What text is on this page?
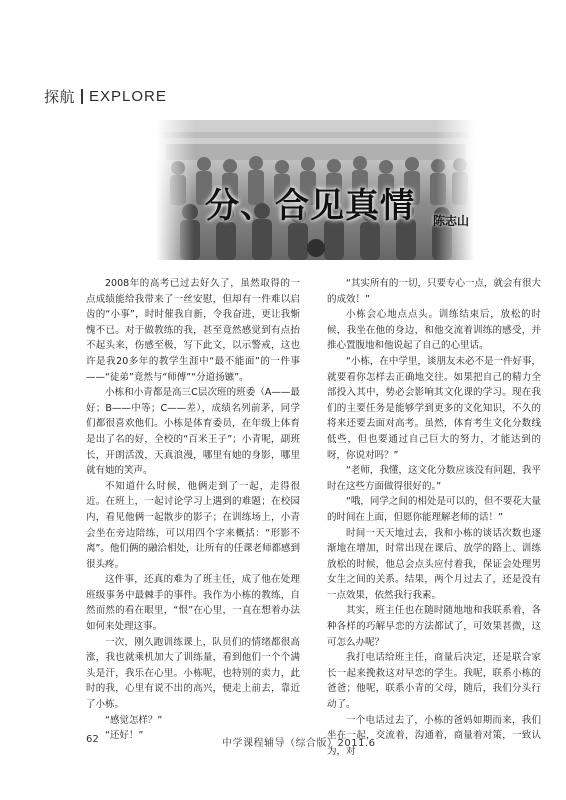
探航 EXPLORE
分、合见真情 陈志山

2008年的高考已过去好久了，虽然取得的一点成绩能给我带来了一丝安慰，但却有一件难以启齿的“小事”，时时催我自新，令我奋进，更让我惭愧不已。对于做教练的我，甚至竟然感觉到有点抬不起头来，伤感至极，写下此文，以示警戒，这也许是我20多年的教学生涯中“最不能面”的一件事——“徒弟”竟然与“师傅”“分道扬镳”。

小栋和小青都是高三C层次班的班委（A——最好；B——中等；C——差），成绩名列前茅，同学们都很喜欢他们。小栋是体育委员，在年级上体育是出了名的好，全校的“百米王子”；小青呢，副班长，开朗活泼，天真浪漫，哪里有她的身影，哪里就有她的笑声。

不知道什么时候，他俩走到了一起，走得很近。在班上，一起讨论学习上遇到的难题；在校园内，看见他俩一起散步的影子；在训练场上，小青会坐在旁边陪练，可以用四个字来概括：“形影不离”。他们俩的融洽相处，让所有的任课老师都感到很头疼。

这件事，还真的难为了班主任，成了他在处理班级事务中最棘手的事件。我作为小栋的教练，自然而然的看在眼里，“恨”在心里，一直在想着办法如何来处理这事。

一次，刚久跑训练课上，队员们的情绪都很高涨，我也就乘机加大了训练量，看到他们一个个满头是汗，我乐在心里。小栋呢，也特别的卖力，此时的我，心里有说不出的高兴，便走上前去，靠近了小栋。

“感觉怎样？”

“还好！”

“其实所有的一切，只要专心一点，就会有很大的成效！”

小栋会心地点点头。训练结束后，放松的时候，我坐在他的身边，和他交流着训练的感受，并推心置腹地和他说起了自己的心里话。

“小栋，在中学里，谈朋友未必不是一件好事，就要看你怎样去正确地交往。如果把自己的精力全部投入其中，势必会影响其文化课的学习。现在我们的主要任务是能够学到更多的文化知识，不久的将来还要去面对高考。虽然，体育考生文化分数线低些，但也要通过自己巨大的努力，才能达到的呀，你说对吗？”

“老师，我懂，这文化分数应该没有问题，我平时在这些方面做得很好的。”

“哦，同学之间的相处是可以的，但不要花大量的时间在上面，但愿你能理解老师的话！”

时间一天天地过去，我和小栋的谈话次数也逐渐地在增加，时常出现在课后、放学的路上、训练放松的时候，他总会点头应付着我，保证会处理男女生之间的关系。结果，两个月过去了，还是没有一点效果，依然我行我素。

其实，班主任也在随时随地地和我联系着，各种各样的巧解早恋的方法都试了，可效果甚微，这可怎么办呢？

我打电话给班主任，商量后决定，还是联合家长一起来挽救这对早恋的学生。我呢，联系小栋的爸爸；他呢，联系小青的父母，随后，我们分头行动了。

一个电话过去了，小栋的爸妈如期而来，我们坐在一起，交流着，沟通着，商量着对策，一致认为，对

62	中学课程辅导（综合版）2011.6
